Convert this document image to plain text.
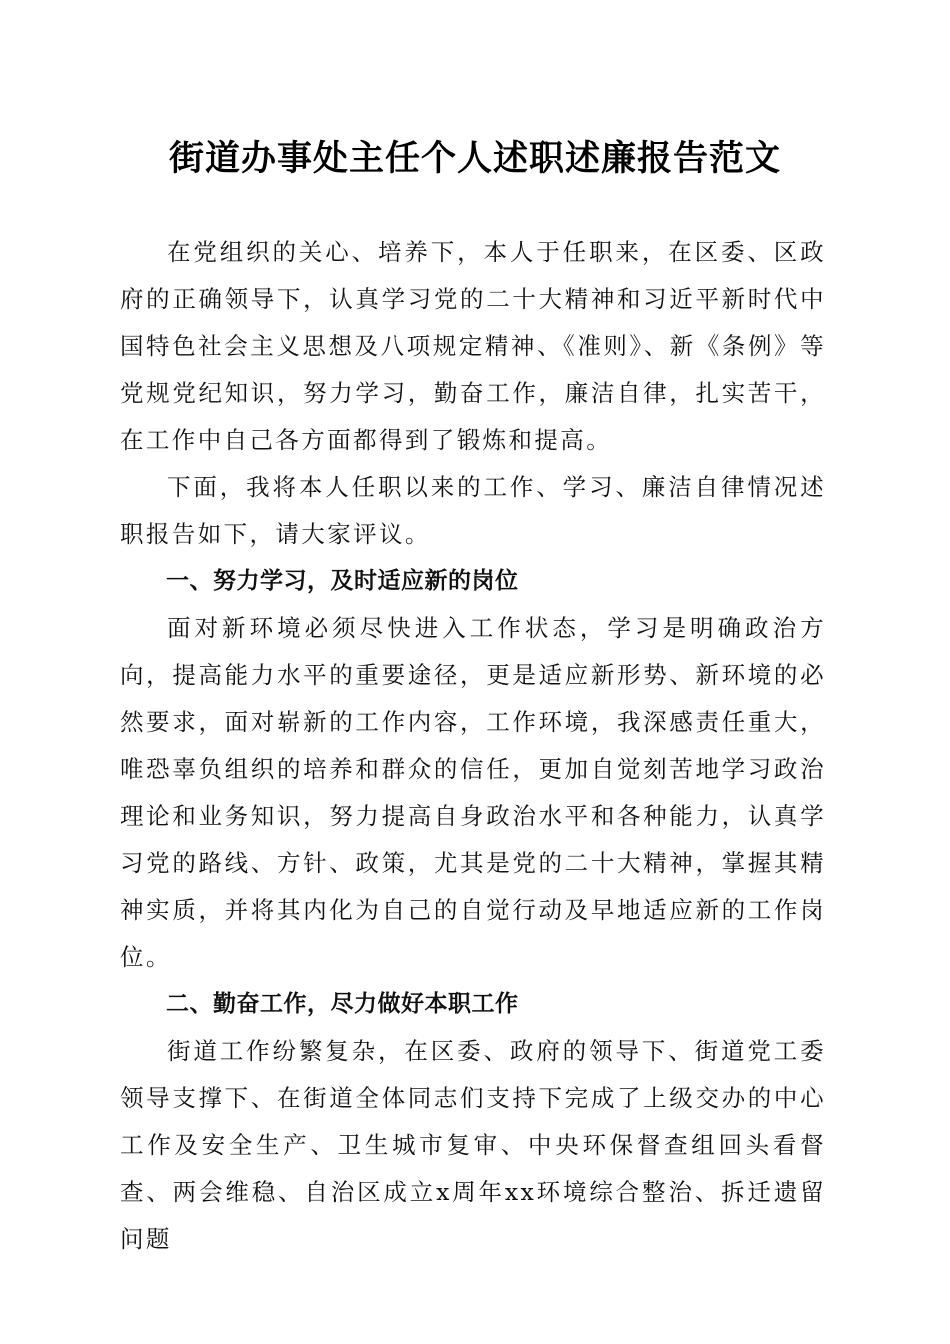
街道办事处主任个人述职述廉报告范文

在党组织的关心、培养下，本人于任职来，在区委、区政府的正确领导下，认真学习党的二十大精神和习近平新时代中国特色社会主义思想及八项规定精神、《准则》、新《条例》等党规党纪知识，努力学习，勤奋工作，廉洁自律，扎实苦干，在工作中自己各方面都得到了锻炼和提高。

下面，我将本人任职以来的工作、学习、廉洁自律情况述职报告如下，请大家评议。

一、努力学习，及时适应新的岗位

面对新环境必须尽快进入工作状态，学习是明确政治方向，提高能力水平的重要途径，更是适应新形势、新环境的必然要求，面对崭新的工作内容，工作环境，我深感责任重大，唯恐辜负组织的培养和群众的信任，更加自觉刻苦地学习政治理论和业务知识，努力提高自身政治水平和各种能力，认真学习党的路线、方针、政策，尤其是党的二十大精神，掌握其精神实质，并将其内化为自己的自觉行动及早地适应新的工作岗位。

二、勤奋工作，尽力做好本职工作

街道工作纷繁复杂，在区委、政府的领导下、街道党工委领导支撑下、在街道全体同志们支持下完成了上级交办的中心工作及安全生产、卫生城市复审、中央环保督查组回头看督查、两会维稳、自治区成立x周年xx环境综合整治、拆迁遗留问题
